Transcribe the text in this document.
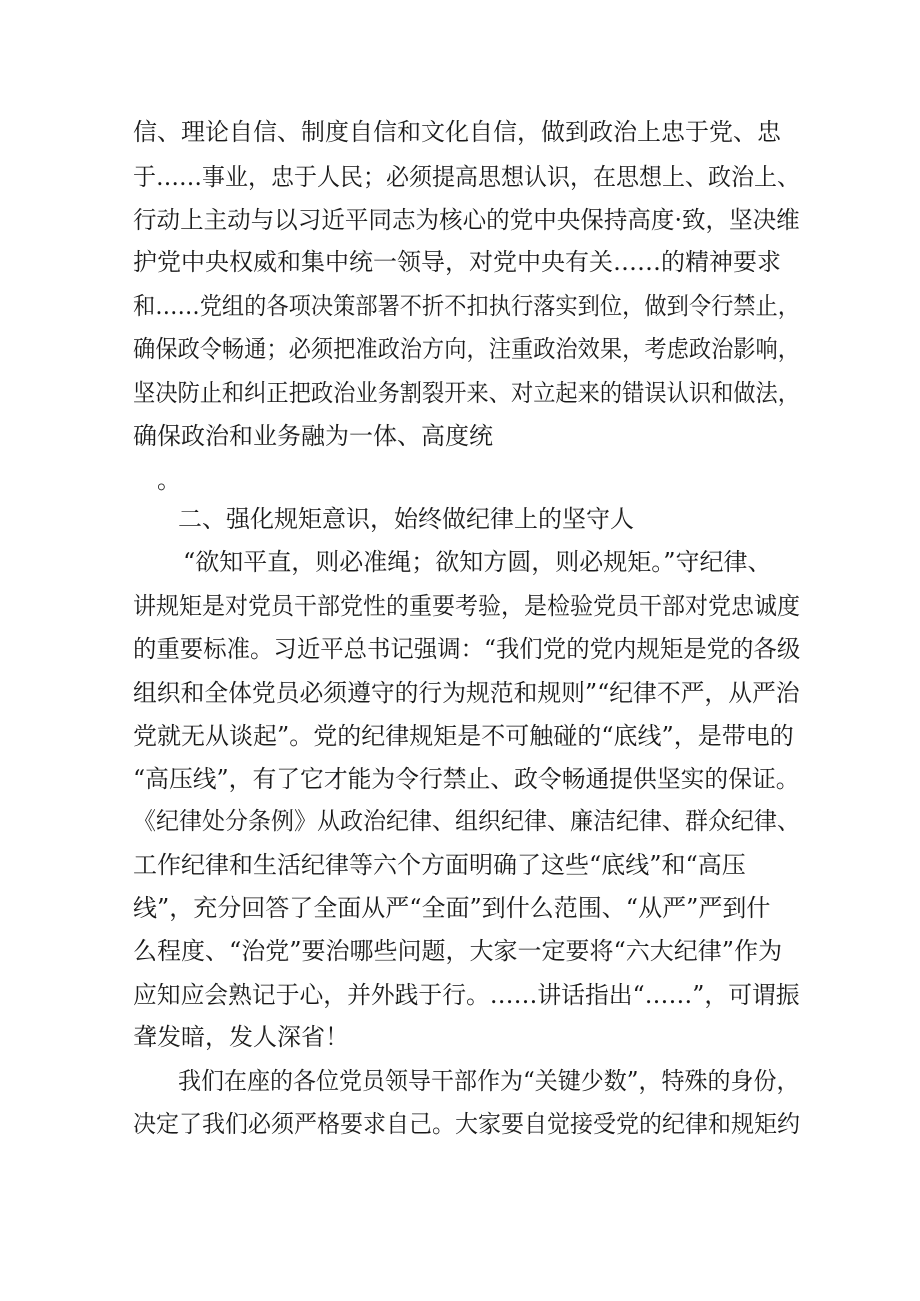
信、理论自信、制度自信和文化自信，做到政治上忠于党、忠
于……事业，忠于人民；必须提高思想认识，在思想上、政治上、
行动上主动与以习近平同志为核心的党中央保持高度·致，坚决维
护党中央权威和集中统一领导，对党中央有关……的精神要求
和……党组的各项决策部署不折不扣执行落实到位，做到令行禁止，
确保政令畅通；必须把准政治方向，注重政治效果，考虑政治影响，
坚决防止和纠正把政治业务割裂开来、对立起来的错误认识和做法，
确保政治和业务融为一体、高度统
。
二、强化规矩意识，始终做纪律上的坚守人
“欲知平直，则必准绳；欲知方圆，则必规矩。”守纪律、
讲规矩是对党员干部党性的重要考验，是检验党员干部对党忠诚度
的重要标准。习近平总书记强调：“我们党的党内规矩是党的各级
组织和全体党员必须遵守的行为规范和规则”“纪律不严，从严治
党就无从谈起”。党的纪律规矩是不可触碰的“底线”，是带电的
“高压线”，有了它才能为令行禁止、政令畅通提供坚实的保证。
《纪律处分条例》从政治纪律、组织纪律、廉洁纪律、群众纪律、
工作纪律和生活纪律等六个方面明确了这些“底线”和“高压
线”，充分回答了全面从严“全面”到什么范围、“从严”严到什
么程度、“治党”要治哪些问题，大家一定要将“六大纪律”作为
应知应会熟记于心，并外践于行。……讲话指出“……”，可谓振
聋发暗，发人深省！
我们在座的各位党员领导干部作为“关键少数”，特殊的身份，
决定了我们必须严格要求自己。大家要自觉接受党的纪律和规矩约
